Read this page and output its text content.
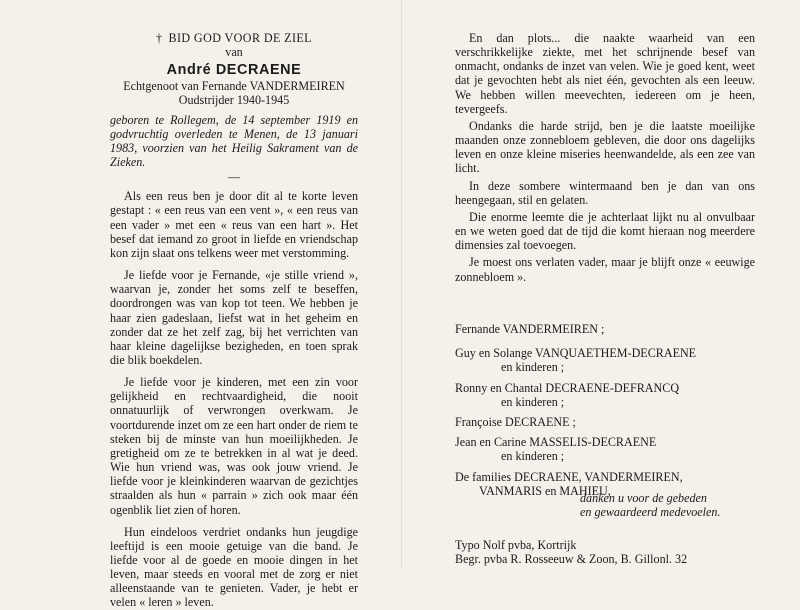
† BID GOD VOOR DE ZIEL
van
André DECRAENE
Echtgenoot van Fernande VANDERMEIREN
Oudstrijder 1940-1945

geboren te Rollegem, de 14 september 1919 en godvruchtig overleden te Menen, de 13 januari 1983, voorzien van het Heilig Sakrament van de Zieken.

—

Als een reus ben je door dit al te korte leven gestapt : « een reus van een vent », « een reus van een vader » met een « reus van een hart ». Het besef dat iemand zo groot in liefde en vriendschap kon zijn slaat ons telkens weer met verstomming.

Je liefde voor je Fernande, «je stille vriend », waarvan je, zonder het soms zelf te beseffen, doordrongen was van kop tot teen. We hebben je haar zien gadeslaan, liefst wat in het geheim en zonder dat ze het zelf zag, bij het verrichten van haar kleine dagelijkse bezigheden, en toen sprak die blik boekdelen.

Je liefde voor je kinderen, met een zin voor gelijkheid en rechtvaardigheid, die nooit onnatuurlijk of verwrongen overkwam. Je voortdurende inzet om ze een hart onder de riem te steken bij de minste van hun moeilijkheden. Je gretigheid om ze te betrekken in al wat je deed. Wie hun vriend was, was ook jouw vriend. Je liefde voor je kleinkinderen waarvan de gezichtjes straalden als hun « parrain » zich ook maar één ogenblik liet zien of horen.

Hun eindeloos verdriet ondanks hun jeugdige leeftijd is een mooie getuige van die band. Je liefde voor al de goede en mooie dingen in het leven, maar steeds en vooral met de zorg er niet alleenstaande van te genieten. Vader, je hebt er velen « leren » leven.

En dan plots... die naakte waarheid van een verschrikkelijke ziekte, met het schrijnende besef van onmacht, ondanks de inzet van velen. Wie je goed kent, weet dat je gevochten hebt als niet één, gevochten als een leeuw. We hebben willen meevechten, iedereen om je heen, tevergeefs.

Ondanks die harde strijd, ben je die laatste moeilijke maanden onze zonnebloem gebleven, die door ons dagelijks leven en onze kleine miseries heenwandelde, als een zee van licht.

In deze sombere wintermaand ben je dan van ons heengegaan, stil en gelaten.

Die enorme leemte die je achterlaat lijkt nu al onvulbaar en we weten goed dat de tijd die komt hieraan nog meerdere dimensies zal toevoegen.

Je moest ons verlaten vader, maar je blijft onze « eeuwige zonnebloem ».

Fernande VANDERMEIREN ;
Guy en Solange VANQUAETHEM-DECRAENE
en kinderen ;
Ronny en Chantal DECRAENE-DEFRANCQ
en kinderen ;
Françoise DECRAENE ;
Jean en Carine MASSELIS-DECRAENE
en kinderen ;
De families DECRAENE, VANDERMEIREN,
VANMARIS en MAHIEU,
danken u voor de gebeden
en gewaardeerd medevoelen.
Typo Nolf pvba, Kortrijk
Begr. pvba R. Rosseeuw & Zoon, B. Gillonl. 32
